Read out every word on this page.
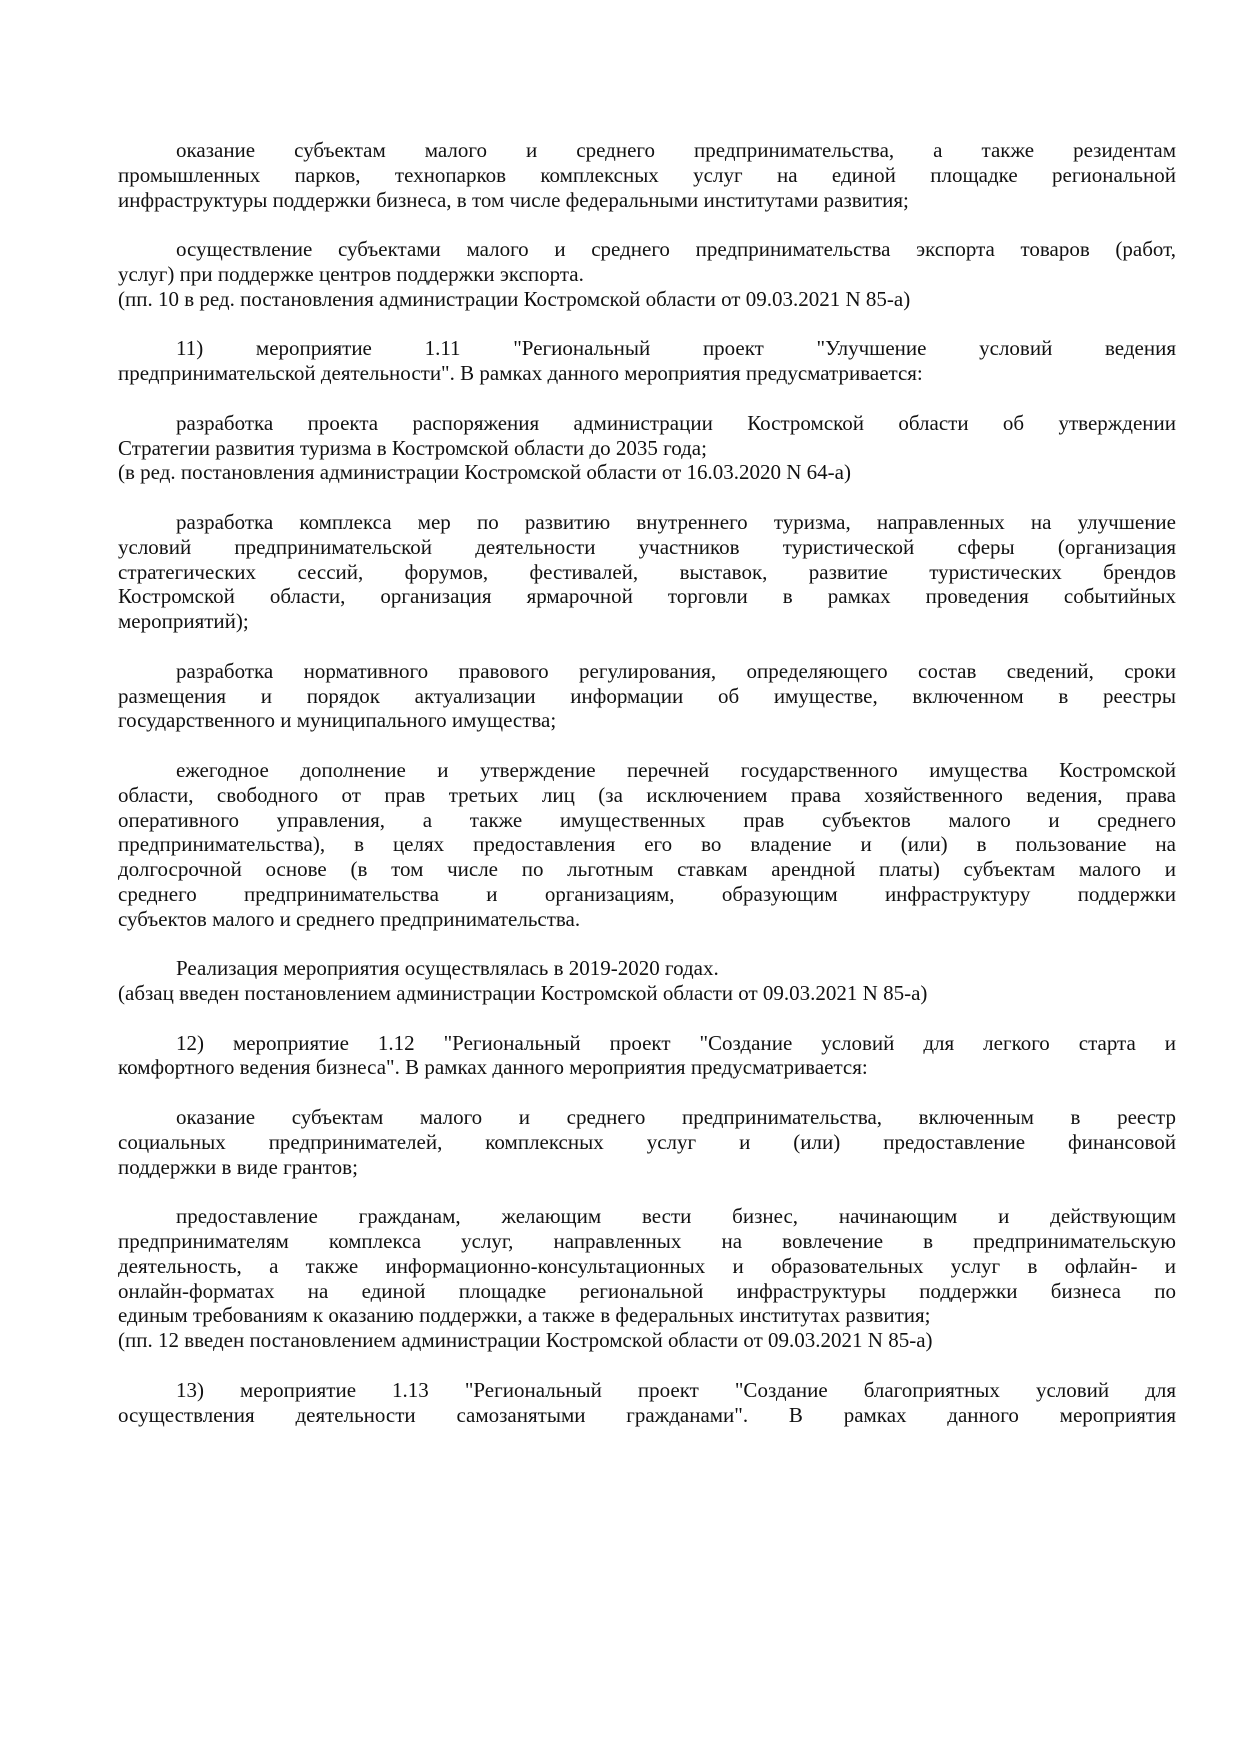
оказание субъектам малого и среднего предпринимательства, а также резидентам
промышленных парков, технопарков комплексных услуг на единой площадке региональной
инфраструктуры поддержки бизнеса, в том числе федеральными институтами развития;
осуществление субъектами малого и среднего предпринимательства экспорта товаров (работ,
услуг) при поддержке центров поддержки экспорта.
(пп. 10 в ред. постановления администрации Костромской области от 09.03.2021 N 85-а)
11) мероприятие 1.11 "Региональный проект "Улучшение условий ведения
предпринимательской деятельности". В рамках данного мероприятия предусматривается:
разработка проекта распоряжения администрации Костромской области об утверждении
Стратегии развития туризма в Костромской области до 2035 года;
(в ред. постановления администрации Костромской области от 16.03.2020 N 64-а)
разработка комплекса мер по развитию внутреннего туризма, направленных на улучшение
условий предпринимательской деятельности участников туристической сферы (организация
стратегических сессий, форумов, фестивалей, выставок, развитие туристических брендов
Костромской области, организация ярмарочной торговли в рамках проведения событийных
мероприятий);
разработка нормативного правового регулирования, определяющего состав сведений, сроки
размещения и порядок актуализации информации об имуществе, включенном в реестры
государственного и муниципального имущества;
ежегодное дополнение и утверждение перечней государственного имущества Костромской
области, свободного от прав третьих лиц (за исключением права хозяйственного ведения, права
оперативного управления, а также имущественных прав субъектов малого и среднего
предпринимательства), в целях предоставления его во владение и (или) в пользование на
долгосрочной основе (в том числе по льготным ставкам арендной платы) субъектам малого и
среднего предпринимательства и организациям, образующим инфраструктуру поддержки
субъектов малого и среднего предпринимательства.
Реализация мероприятия осуществлялась в 2019-2020 годах.
(абзац введен постановлением администрации Костромской области от 09.03.2021 N 85-а)
12) мероприятие 1.12 "Региональный проект "Создание условий для легкого старта и
комфортного ведения бизнеса". В рамках данного мероприятия предусматривается:
оказание субъектам малого и среднего предпринимательства, включенным в реестр
социальных предпринимателей, комплексных услуг и (или) предоставление финансовой
поддержки в виде грантов;
предоставление гражданам, желающим вести бизнес, начинающим и действующим
предпринимателям комплекса услуг, направленных на вовлечение в предпринимательскую
деятельность, а также информационно-консультационных и образовательных услуг в офлайн- и
онлайн-форматах на единой площадке региональной инфраструктуры поддержки бизнеса по
единым требованиям к оказанию поддержки, а также в федеральных институтах развития;
(пп. 12 введен постановлением администрации Костромской области от 09.03.2021 N 85-а)
13) мероприятие 1.13 "Региональный проект "Создание благоприятных условий для
осуществления деятельности самозанятыми гражданами". В рамках данного мероприятия
